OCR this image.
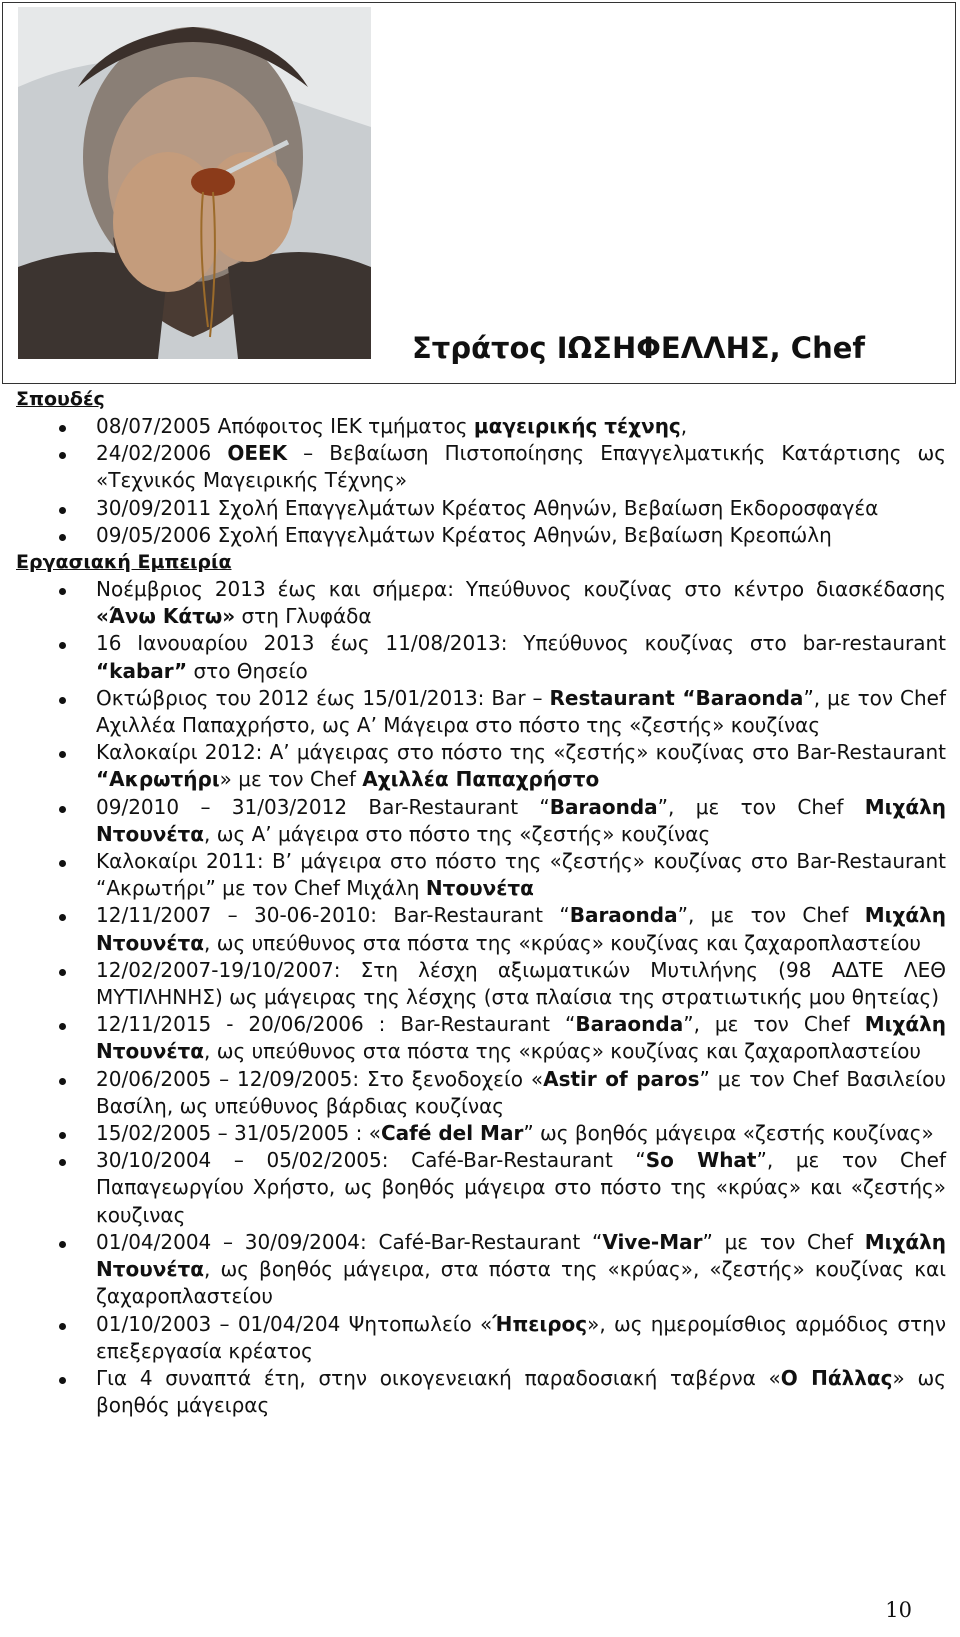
Στράτος ΙΩΣΗΦΕΛΛΗΣ, Chef
Σπουδές
08/07/2005 Απόφοιτος ΙΕΚ τμήματος μαγειρικής τέχνης,
24/02/2006 ΟΕΕΚ – Βεβαίωση Πιστοποίησης Επαγγελματικής Κατάρτισης ως «Τεχνικός Μαγειρικής Τέχνης»
30/09/2011 Σχολή Επαγγελμάτων Κρέατος Αθηνών, Βεβαίωση Εκδοροσφαγέα
09/05/2006 Σχολή Επαγγελμάτων Κρέατος Αθηνών, Βεβαίωση Κρεοπώλη
Εργασιακή Εμπειρία
Νοέμβριος 2013 έως και σήμερα: Υπεύθυνος κουζίνας στο κέντρο διασκέδασης «Άνω Κάτω» στη Γλυφάδα
16 Ιανουαρίου 2013 έως 11/08/2013: Υπεύθυνος κουζίνας στο bar-restaurant “kabar” στο Θησείο
Οκτώβριος του 2012 έως 15/01/2013: Bar – Restaurant “Baraonda”, με τον Chef Αχιλλέα Παπαχρήστο, ως Α’ Μάγειρα στο πόστο της «ζεστής» κουζίνας
Καλοκαίρι 2012: Α’ μάγειρας στο πόστο της «ζεστής» κουζίνας στο Bar-Restaurant “Ακρωτήρι» με τον Chef Αχιλλέα Παπαχρήστο
09/2010 – 31/03/2012 Bar-Restaurant “Baraonda”, με τον Chef Μιχάλη Ντουνέτα, ως Α’ μάγειρα στο πόστο της «ζεστής» κουζίνας
Καλοκαίρι 2011: Β’ μάγειρα στο πόστο της «ζεστής» κουζίνας στο Bar-Restaurant “Ακρωτήρι” με τον Chef Μιχάλη Ντουνέτα
12/11/2007 – 30-06-2010: Bar-Restaurant “Baraonda”, με τον Chef Μιχάλη Ντουνέτα, ως υπεύθυνος στα πόστα της «κρύας» κουζίνας και ζαχαροπλαστείου
12/02/2007-19/10/2007: Στη λέσχη αξιωματικών Μυτιλήνης (98 ΑΔΤΕ ΛΕΘ ΜΥΤΙΛΗΝΗΣ) ως μάγειρας της λέσχης (στα πλαίσια της στρατιωτικής μου θητείας)
12/11/2015 - 20/06/2006 : Bar-Restaurant “Baraonda”, με τον Chef Μιχάλη Ντουνέτα, ως υπεύθυνος στα πόστα της «κρύας» κουζίνας και ζαχαροπλαστείου
20/06/2005 – 12/09/2005: Στο ξενοδοχείο «Astir of paros” με τον Chef Βασιλείου Βασίλη, ως υπεύθυνος βάρδιας κουζίνας
15/02/2005 – 31/05/2005 : «Café del Mar” ως βοηθός μάγειρα «ζεστής κουζίνας»
30/10/2004 – 05/02/2005: Café-Bar-Restaurant “So What”, με τον Chef Παπαγεωργίου Χρήστο, ως βοηθός μάγειρα στο πόστο της «κρύας» και «ζεστής» κουζινας
01/04/2004 – 30/09/2004: Café-Bar-Restaurant “Vive-Mar” με τον Chef Μιχάλη Ντουνέτα, ως βοηθός μάγειρα, στα πόστα της «κρύας», «ζεστής» κουζίνας και ζαχαροπλαστείου
01/10/2003 – 01/04/204 Ψητοπωλείο «Ήπειρος», ως ημερομίσθιος αρμόδιος στην επεξεργασία κρέατος
Για 4 συναπτά έτη, στην οικογενειακή παραδοσιακή ταβέρνα «Ο Πάλλας» ως βοηθός μάγειρας
10
